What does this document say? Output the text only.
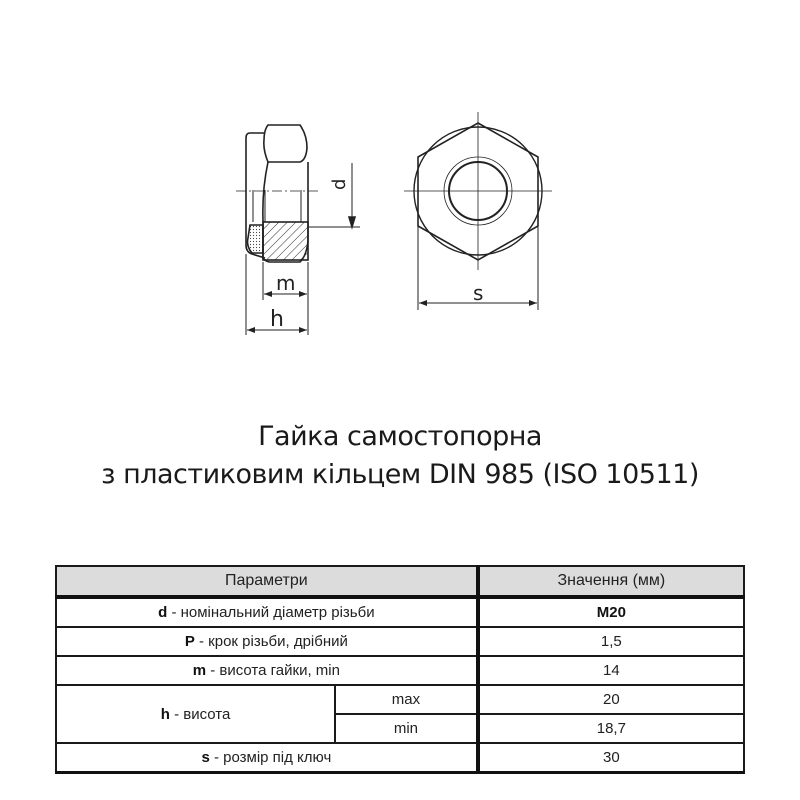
d
m
h
s
Гайка самостопорна
з пластиковим кільцем DIN 985 (ISO 10511)
Параметри		Значення (мм)
d - номінальний діаметр різьби		M20
P - крок різьби, дрібний		1,5
m - висота гайки, min		14
h - висота	max	20
	min	18,7
s - розмір під ключ		30
